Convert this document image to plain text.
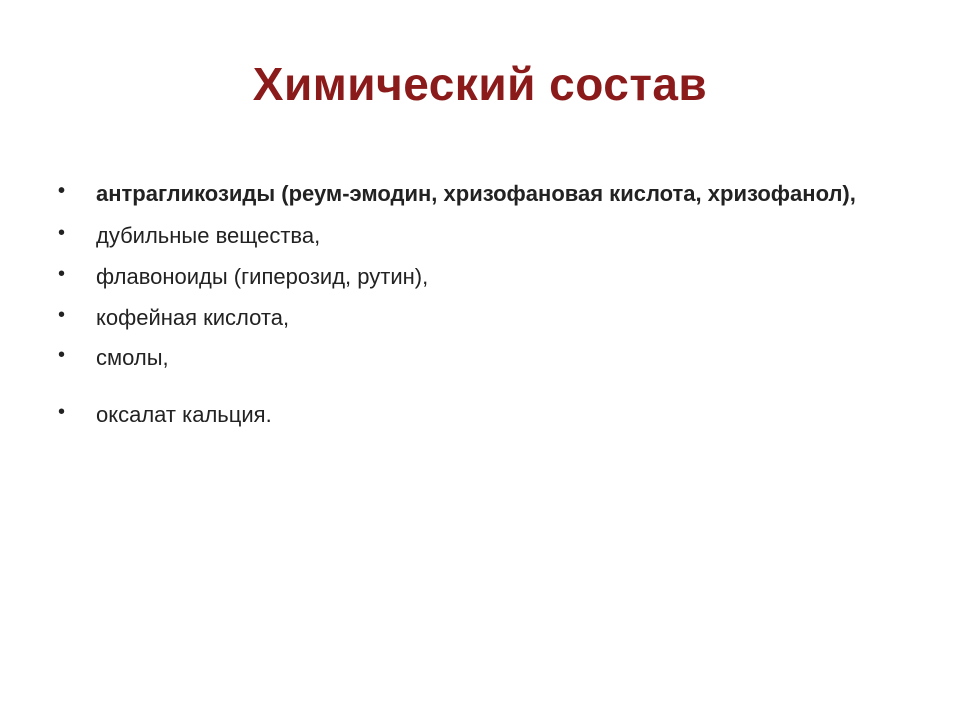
Химический состав
• антрагликозиды (реум-эмодин, хризофановая кислота, хризофанол),
• дубильные вещества,
• флавоноиды (гиперозид, рутин),
• кофейная кислота,
• смолы,
• оксалат кальция.
